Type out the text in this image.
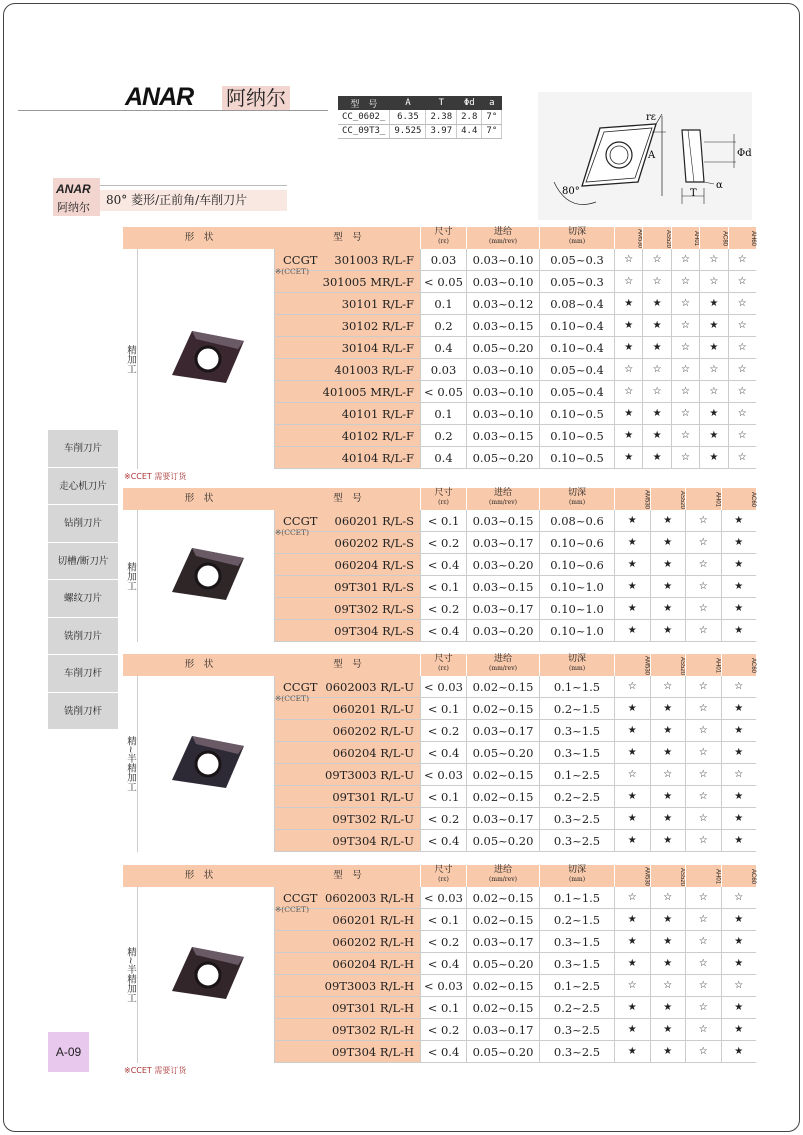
ANAR 阿纳尔	型　号	A	T	Φd	a
CC_0602_	6.35	2.38	2.8	7°
CC_09T3_	9.525	3.97	4.4	7°
rε
A	Φd
T
α
80°
ANAR
阿纳尔
80° 菱形/正前角/车削刀片
车削刀片
走心机刀片
钻削刀片
切槽/断刀片
螺纹刀片
铣削刀片
车削刀杆
铣削刀杆
A-09
形　状	型　号	尺寸
(rε)
进给
(mm/rev)
切深
(mm)	AM530	AS520	AH01	AC80	AH60
精加工
CCGT	301003 R/L-F	0.03	0.03~0.10	0.05~0.3	☆	☆	☆	☆	☆
301005 MR/L-F < 0.05 0.03~0.10	0.05~0.3	☆	☆	☆	☆	☆
30101 R/L-F	0.1	0.03~0.12	0.08~0.4	★	★	☆	★	☆
30102 R/L-F	0.2	0.03~0.15	0.10~0.4	★	★	☆	★	☆
30104 R/L-F	0.4	0.05~0.20	0.10~0.4	★	★	☆	★	☆
401003 R/L-F	0.03	0.03~0.10	0.05~0.4	☆	☆	☆	☆	☆
401005 MR/L-F < 0.05 0.03~0.10	0.05~0.4	☆	☆	☆	☆	☆
40101 R/L-F	0.1	0.03~0.10	0.10~0.5	★	★	☆	★	☆
40102 R/L-F	0.2	0.03~0.15	0.10~0.5	★	★	☆	★	☆
40104 R/L-F	0.4	0.05~0.20	0.10~0.5	★	★	☆	★	☆
※(CCET)
形　状	型　号	尺寸
(rε)
进给
(mm/rev)
切深
(mm)	AM530	AS520	AH01	AC60
精加工
CCGT	060201 R/L-S	< 0.1	0.03~0.15	0.08~0.6	★	★	☆	★
060202 R/L-S	< 0.2	0.03~0.17	0.10~0.6	★	★	☆	★
060204 R/L-S	< 0.4	0.03~0.20	0.10~0.6	★	★	☆	★
09T301 R/L-S	< 0.1	0.03~0.15	0.10~1.0	★	★	☆	★
09T302 R/L-S	< 0.2	0.03~0.17	0.10~1.0	★	★	☆	★
09T304 R/L-S	< 0.4	0.03~0.20	0.10~1.0	★	★	☆	★
※(CCET)
形　状	型　号	尺寸
(rε)
进给
(mm/rev)
切深
(mm)	AM530	AS520	AH01	AC60
精~半精加工
CCGT 0602003 R/L-U < 0.03 0.02~0.15	0.1~1.5	☆	☆	☆	☆
060201 R/L-U	< 0.1	0.02~0.15	0.2~1.5	★	★	☆	★
060202 R/L-U	< 0.2	0.03~0.17	0.3~1.5	★	★	☆	★
060204 R/L-U	< 0.4	0.05~0.20	0.3~1.5	★	★	☆	★
09T3003 R/L-U < 0.03 0.02~0.15	0.1~2.5	☆	☆	☆	☆
09T301 R/L-U	< 0.1	0.02~0.15	0.2~2.5	★	★	☆	★
09T302 R/L-U	< 0.2	0.03~0.17	0.3~2.5	★	★	☆	★
09T304 R/L-U	< 0.4	0.05~0.20	0.3~2.5	★	★	☆	★
※(CCET)
形　状	型　号	尺寸
(rε)
进给
(mm/rev)
切深
(mm)	AM530	AS520	AH01	AC60
精~半精加工
CCGT 0602003 R/L-H < 0.03 0.02~0.15	0.1~1.5	☆	☆	☆	☆
060201 R/L-H	< 0.1	0.02~0.15	0.2~1.5	★	★	☆	★
060202 R/L-H	< 0.2	0.03~0.17	0.3~1.5	★	★	☆	★
060204 R/L-H	< 0.4	0.05~0.20	0.3~1.5	★	★	☆	★
09T3003 R/L-H < 0.03 0.02~0.15	0.1~2.5	☆	☆	☆	☆
09T301 R/L-H	< 0.1	0.02~0.15	0.2~2.5	★	★	☆	★
09T302 R/L-H	< 0.2	0.03~0.17	0.3~2.5	★	★	☆	★
09T304 R/L-H	< 0.4	0.05~0.20	0.3~2.5	★	★	☆	★
※(CCET)
※CCET 需要订货
※CCET 需要订货
